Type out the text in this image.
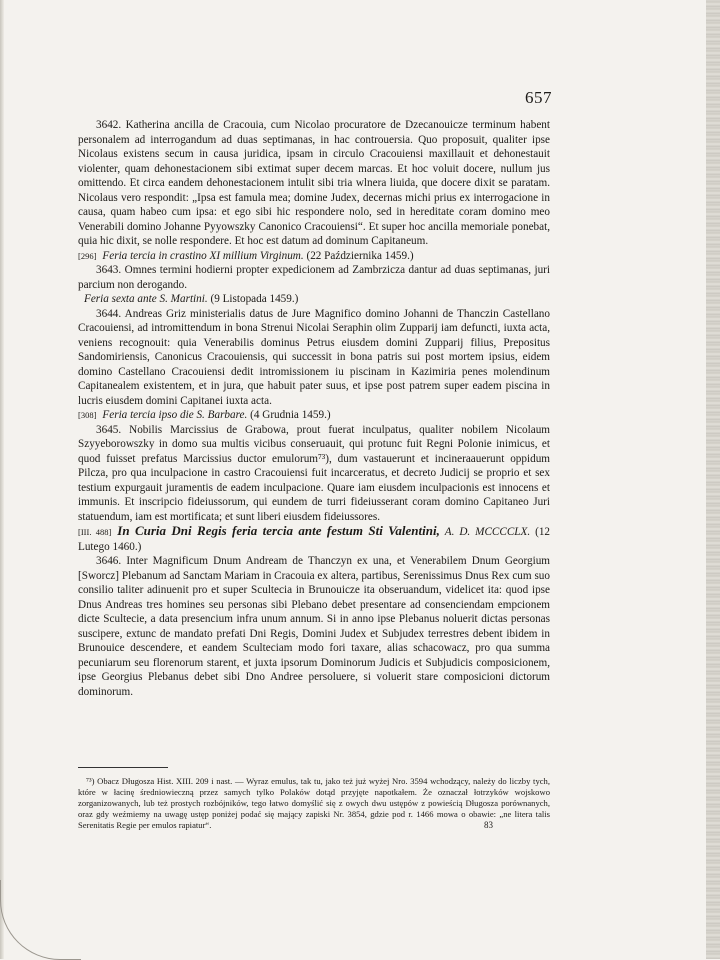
657

3642. Katherina ancilla de Cracouia, cum Nicolao procuratore de Dzecanouicze terminum habent personalem ad interrogandum ad duas septimanas, in hac controuersia. Quo proposuit, qualiter ipse Nicolaus existens secum in causa juridica, ipsam in circulo Cracouiensi maxillauit et dehonestauit violenter, quam dehonestacionem sibi extimat super decem marcas. Et hoc voluit docere, nullum jus omittendo. Et circa eandem dehonestacionem intulit sibi tria wlnera liuida, que docere dixit se paratam. Nicolaus vero respondit: „Ipsa est famula mea; domine Judex, decernas michi prius ex interrogacione in causa, quam habeo cum ipsa: et ego sibi hic respondere nolo, sed in hereditate coram domino meo Venerabili domino Johanne Pyyowszky Canonico Cracouiensi“. Et super hoc ancilla memoriale ponebat, quia hic dixit, se nolle respondere. Et hoc est datum ad dominum Capitaneum.

[296] Feria tercia in crastino XI millium Virginum. (22 Października 1459.)

3643. Omnes termini hodierni propter expedicionem ad Zambrzicza dantur ad duas septimanas, juri parcium non derogando.

Feria sexta ante S. Martini. (9 Listopada 1459.)

3644. Andreas Griz ministerialis datus de Jure Magnifico domino Johanni de Thanczin Castellano Cracouiensi, ad intromittendum in bona Strenui Nicolai Seraphin olim Zupparij iam defuncti, iuxta acta, veniens recognouit: quia Venerabilis dominus Petrus eiusdem domini Zupparij filius, Prepositus Sandomiriensis, Canonicus Cracouiensis, qui successit in bona patris sui post mortem ipsius, eidem domino Castellano Cracouiensi dedit intromissionem iu piscinam in Kazimiria penes molendinum Capitanealem existentem, et in jura, que habuit pater suus, et ipse post patrem super eadem piscina in lucris eiusdem domini Capitanei iuxta acta.

[308] Feria tercia ipso die S. Barbare. (4 Grudnia 1459.)

3645. Nobilis Marcissius de Grabowa, prout fuerat inculpatus, qualiter nobilem Nicolaum Szyyeborowszky in domo sua multis vicibus conseruauit, qui protunc fuit Regni Polonie inimicus, et quod fuisset prefatus Marcissius ductor emulorum⁷³), dum vastauerunt et incineraauerunt oppidum Pilcza, pro qua inculpacione in castro Cracouiensi fuit incarceratus, et decreto Judicij se proprio et sex testium expurgauit juramentis de eadem inculpacione. Quare iam eiusdem inculpacionis est innocens et immunis. Et inscripcio fideiussorum, qui eundem de turri fideiusserant coram domino Capitaneo Juri statuendum, iam est mortificata; et sunt liberi eiusdem fideiussores.

[III. 488] In Curia Dni Regis feria tercia ante festum Sti Valentini, A. D. MCCCCLX. (12 Lutego 1460.)

3646. Inter Magnificum Dnum Andream de Thanczyn ex una, et Venerabilem Dnum Georgium [Sworcz] Plebanum ad Sanctam Mariam in Cracouia ex altera, partibus, Serenissimus Dnus Rex cum suo consilio taliter adinuenit pro et super Scultecia in Brunouicze ita obseruandum, videlicet ita: quod ipse Dnus Andreas tres homines seu personas sibi Plebano debet presentare ad consenciendam empcionem dicte Scultecie, a data presencium infra unum annum. Si in anno ipse Plebanus noluerit dictas personas suscipere, extunc de mandato prefati Dni Regis, Domini Judex et Subjudex terrestres debent ibidem in Brunouice descendere, et eandem Sculteciam modo fori taxare, alias schacowacz, pro qua summa pecuniarum seu florenorum starent, et juxta ipsorum Dominorum Judicis et Subjudicis composicionem, ipse Georgius Plebanus debet sibi Dno Andree persoluere, si voluerit stare composicioni dictorum dominorum.

⁷³) Obacz Długosza Hist. XIII. 209 i nast. — Wyraz emulus, tak tu, jako też już wyżej Nro. 3594 wchodzący, należy do liczby tych, które w łacinę średniowieczną przez samych tylko Polaków dotąd przyjęte napotkałem. Że oznaczał łotrzyków wojskowo zorganizowanych, lub też prostych rozbójników, tego łatwo domyślić się z owych dwu ustępów z powieścią Długosza porównanych, oraz gdy weźmiemy na uwagę ustęp poniżej podać się mający zapiski Nr. 3854, gdzie pod r. 1466 mowa o obawie: „ne litera talis Serenitatis Regie per emulos rapiatur“.	83
